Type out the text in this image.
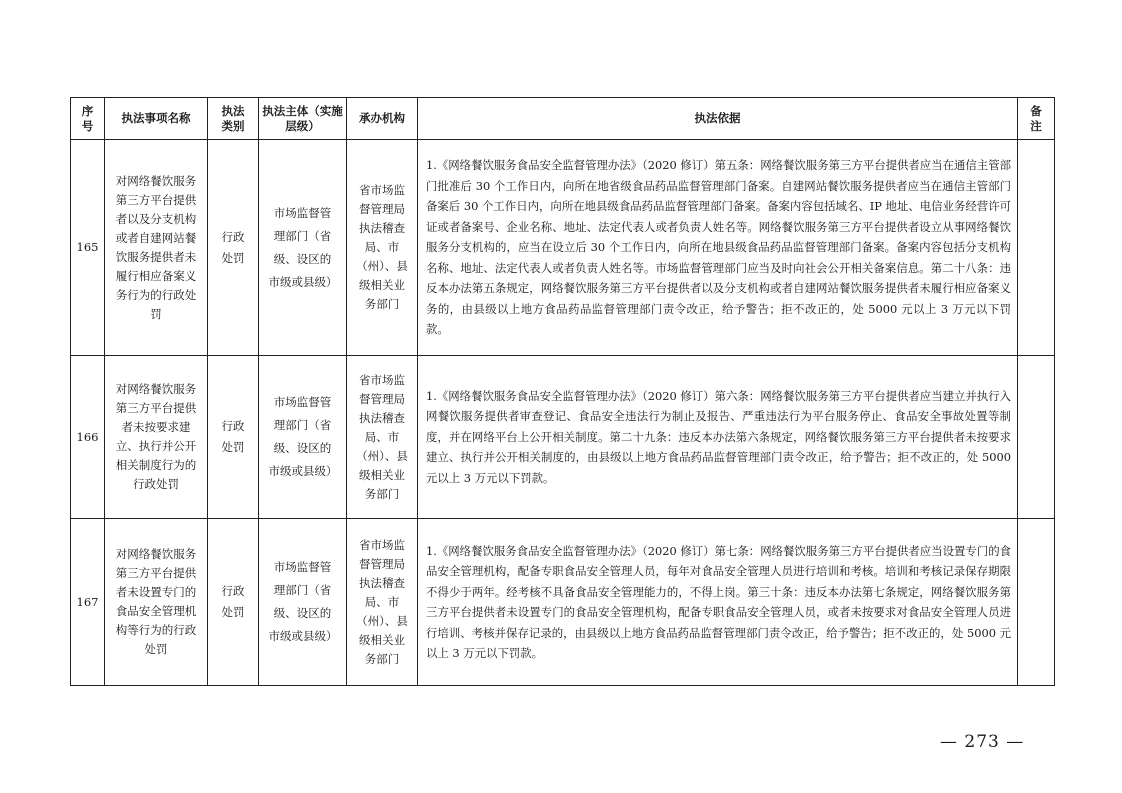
序号	执法事项名称	执法类别	执法主体（实施层级）	承办机构	执法依据	备注

165	对网络餐饮服务第三方平台提供者以及分支机构或者自建网站餐饮服务提供者未履行相应备案义务行为的行政处罚	行政处罚	市场监督管理部门（省级、设区的市级或县级）	省市场监督管理局执法稽查局、市（州）、县级相关业务部门	1.《网络餐饮服务食品安全监督管理办法》（2020 修订）第五条：网络餐饮服务第三方平台提供者应当在通信主管部门批准后 30 个工作日内，向所在地省级食品药品监督管理部门备案。自建网站餐饮服务提供者应当在通信主管部门备案后 30 个工作日内，向所在地县级食品药品监督管理部门备案。备案内容包括域名、IP 地址、电信业务经营许可证或者备案号、企业名称、地址、法定代表人或者负责人姓名等。网络餐饮服务第三方平台提供者设立从事网络餐饮服务分支机构的，应当在设立后 30 个工作日内，向所在地县级食品药品监督管理部门备案。备案内容包括分支机构名称、地址、法定代表人或者负责人姓名等。市场监督管理部门应当及时向社会公开相关备案信息。第二十八条：违反本办法第五条规定，网络餐饮服务第三方平台提供者以及分支机构或者自建网站餐饮服务提供者未履行相应备案义务的，由县级以上地方食品药品监督管理部门责令改正，给予警告；拒不改正的，处 5000 元以上 3 万元以下罚款。	

166	对网络餐饮服务第三方平台提供者未按要求建立、执行并公开相关制度行为的行政处罚	行政处罚	市场监督管理部门（省级、设区的市级或县级）	省市场监督管理局执法稽查局、市（州）、县级相关业务部门	1.《网络餐饮服务食品安全监督管理办法》（2020 修订）第六条：网络餐饮服务第三方平台提供者应当建立并执行入网餐饮服务提供者审查登记、食品安全违法行为制止及报告、严重违法行为平台服务停止、食品安全事故处置等制度，并在网络平台上公开相关制度。第二十九条：违反本办法第六条规定，网络餐饮服务第三方平台提供者未按要求建立、执行并公开相关制度的，由县级以上地方食品药品监督管理部门责令改正，给予警告；拒不改正的，处 5000 元以上 3 万元以下罚款。	

167	对网络餐饮服务第三方平台提供者未设置专门的食品安全管理机构等行为的行政处罚	行政处罚	市场监督管理部门（省级、设区的市级或县级）	省市场监督管理局执法稽查局、市（州）、县级相关业务部门	1.《网络餐饮服务食品安全监督管理办法》（2020 修订）第七条：网络餐饮服务第三方平台提供者应当设置专门的食品安全管理机构，配备专职食品安全管理人员，每年对食品安全管理人员进行培训和考核。培训和考核记录保存期限不得少于两年。经考核不具备食品安全管理能力的，不得上岗。第三十条：违反本办法第七条规定，网络餐饮服务第三方平台提供者未设置专门的食品安全管理机构，配备专职食品安全管理人员，或者未按要求对食品安全管理人员进行培训、考核并保存记录的，由县级以上地方食品药品监督管理部门责令改正，给予警告；拒不改正的，处 5000 元以上 3 万元以下罚款。	

— 273 —
